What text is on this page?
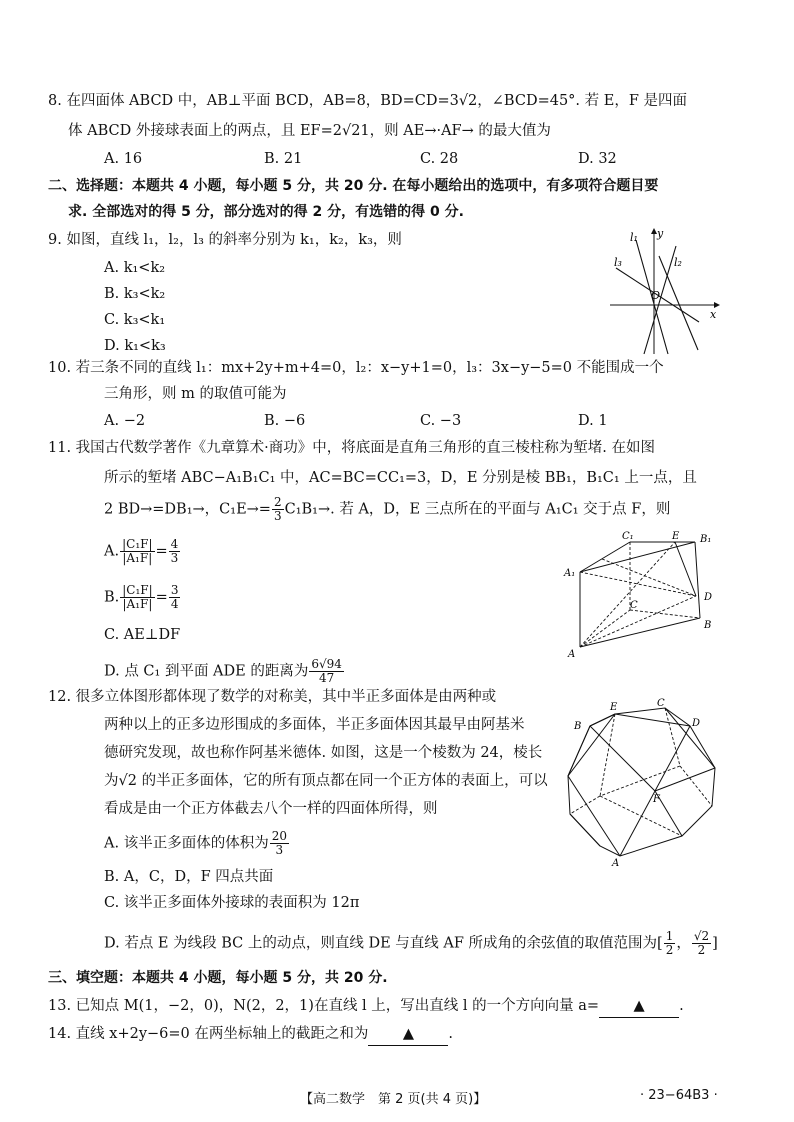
8. 在四面体 ABCD 中，AB⊥平面 BCD，AB=8，BD=CD=3√2，∠BCD=45°. 若 E，F 是四面
体 ABCD 外接球表面上的两点，且 EF=2√21，则 AE→·AF→ 的最大值为
A. 16	B. 21	C. 28	D. 32
二、选择题：本题共 4 小题，每小题 5 分，共 20 分. 在每小题给出的选项中，有多项符合题目要
求. 全部选对的得 5 分，部分选对的得 2 分，有选错的得 0 分.
9. 如图，直线 l₁，l₂，l₃ 的斜率分别为 k₁，k₂，k₃，则
A. k₁<k₂
B. k₃<k₂
C. k₃<k₁
D. k₁<k₃
l₁
l₂
l₃
y
x
O
10. 若三条不同的直线 l₁：mx+2y+m+4=0，l₂：x−y+1=0，l₃：3x−y−5=0 不能围成一个
三角形，则 m 的取值可能为
A. −2	B. −6	C. −3	D. 1
11. 我国古代数学著作《九章算术·商功》中，将底面是直角三角形的直三棱柱称为堑堵. 在如图
所示的堑堵 ABC−A₁B₁C₁ 中，AC=BC=CC₁=3，D，E 分别是棱 BB₁，B₁C₁ 上一点，且
2 BD→=DB₁→，$C_1E\to= \frac{2}{3} C_1B_1\to$. 若 A，D，E 三点所在的平面与 A₁C₁ 交于点 F，则
A. $\frac{\text{|C₁F|}}{\text{|A₁F|}} = \frac{4}{3}$
B. $\frac{\text{|C₁F|}}{\text{|A₁F|}} = \frac{3}{4}$
C. AE⊥DF
D. 点 C₁ 到平面 ADE 的距离为 $\frac{6√94}{47}$
C₁	E B₁
A₁
C
D
B
A
12. 很多立体图形都体现了数学的对称美，其中半正多面体是由两种或
两种以上的正多边形围成的多面体，半正多面体因其最早由阿基米
德研究发现，故也称作阿基米德体. 如图，这是一个棱数为 24，棱长
为√2 的半正多面体，它的所有顶点都在同一个正方体的表面上，可以
看成是由一个正方体截去八个一样的四面体所得，则
A. 该半正多面体的体积为 $\frac{20}{3}$
B. A，C，D，F 四点共面
C. 该半正多面体外接球的表面积为 12π
D. 若点 E 为线段 BC 上的动点，则直线 DE 与直线 AF 所成角的余弦值的取值范围为[ $\frac{1}{2}$ ， $\frac{√2}{2}$ ]
B
E	C
D
F
A
三、填空题：本题共 4 小题，每小题 5 分，共 20 分.
13. 已知点 M(1，−2，0)，N(2，2，1)在直线 l 上，写出直线 l 的一个方向向量 a= ▲ .
14. 直线 x+2y−6=0 在两坐标轴上的截距之和为 ▲ .
【高二数学　第 2 页(共 4 页)】	· 23−64B3 ·
